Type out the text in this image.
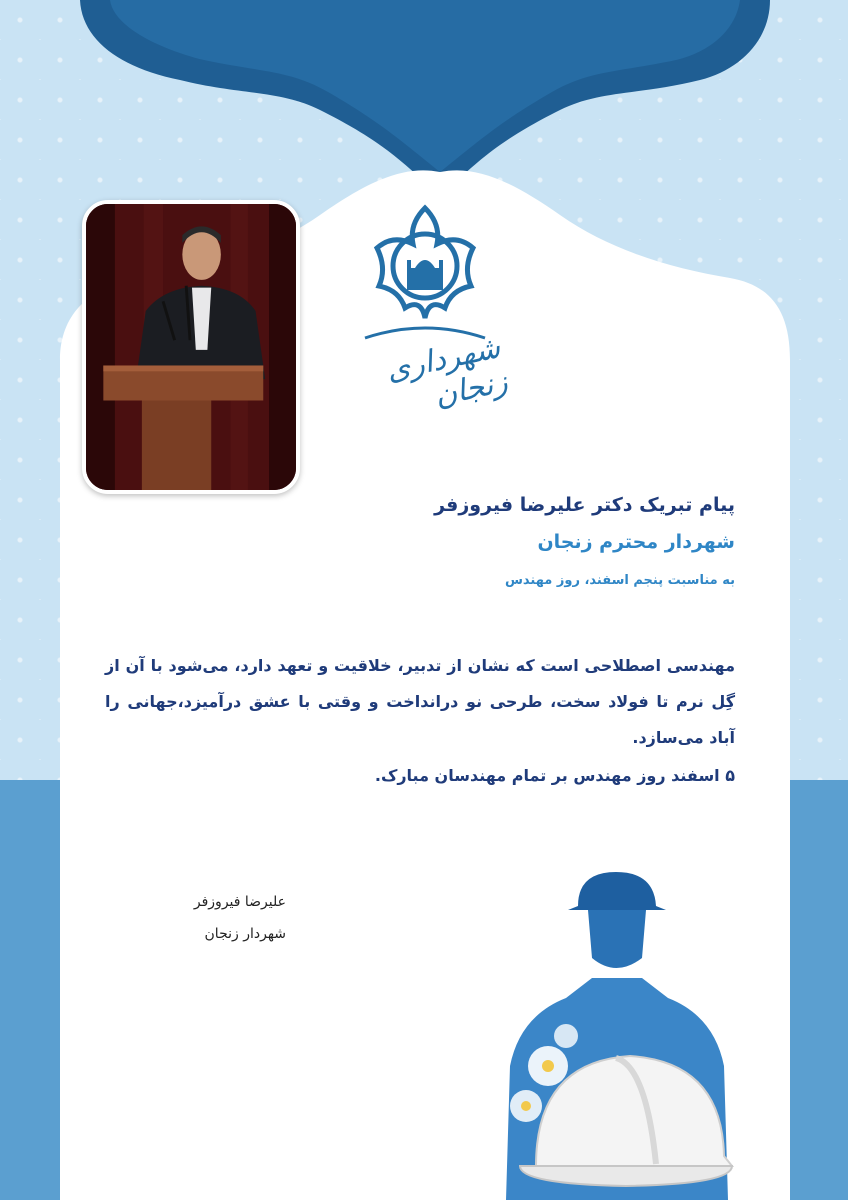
شهرداری زنجان
پیام تبریک دکتر علیرضا فیروزفر
شهردار محترم زنجان

به مناسبت پنجم اسفند، روز مهندس

مهندسی اصطلاحی است که نشان از تدبیر، خلاقیت و تعهد دارد، می‌شود با آن از گِل نرم تا فولاد سخت، طرحی نو درانداخت و وقتی با عشق درآمیزد،جهانی را آباد می‌سازد.

۵ اسفند روز مهندس بر تمام مهندسان مبارک.

علیرضا فیروزفر
شهردار زنجان
